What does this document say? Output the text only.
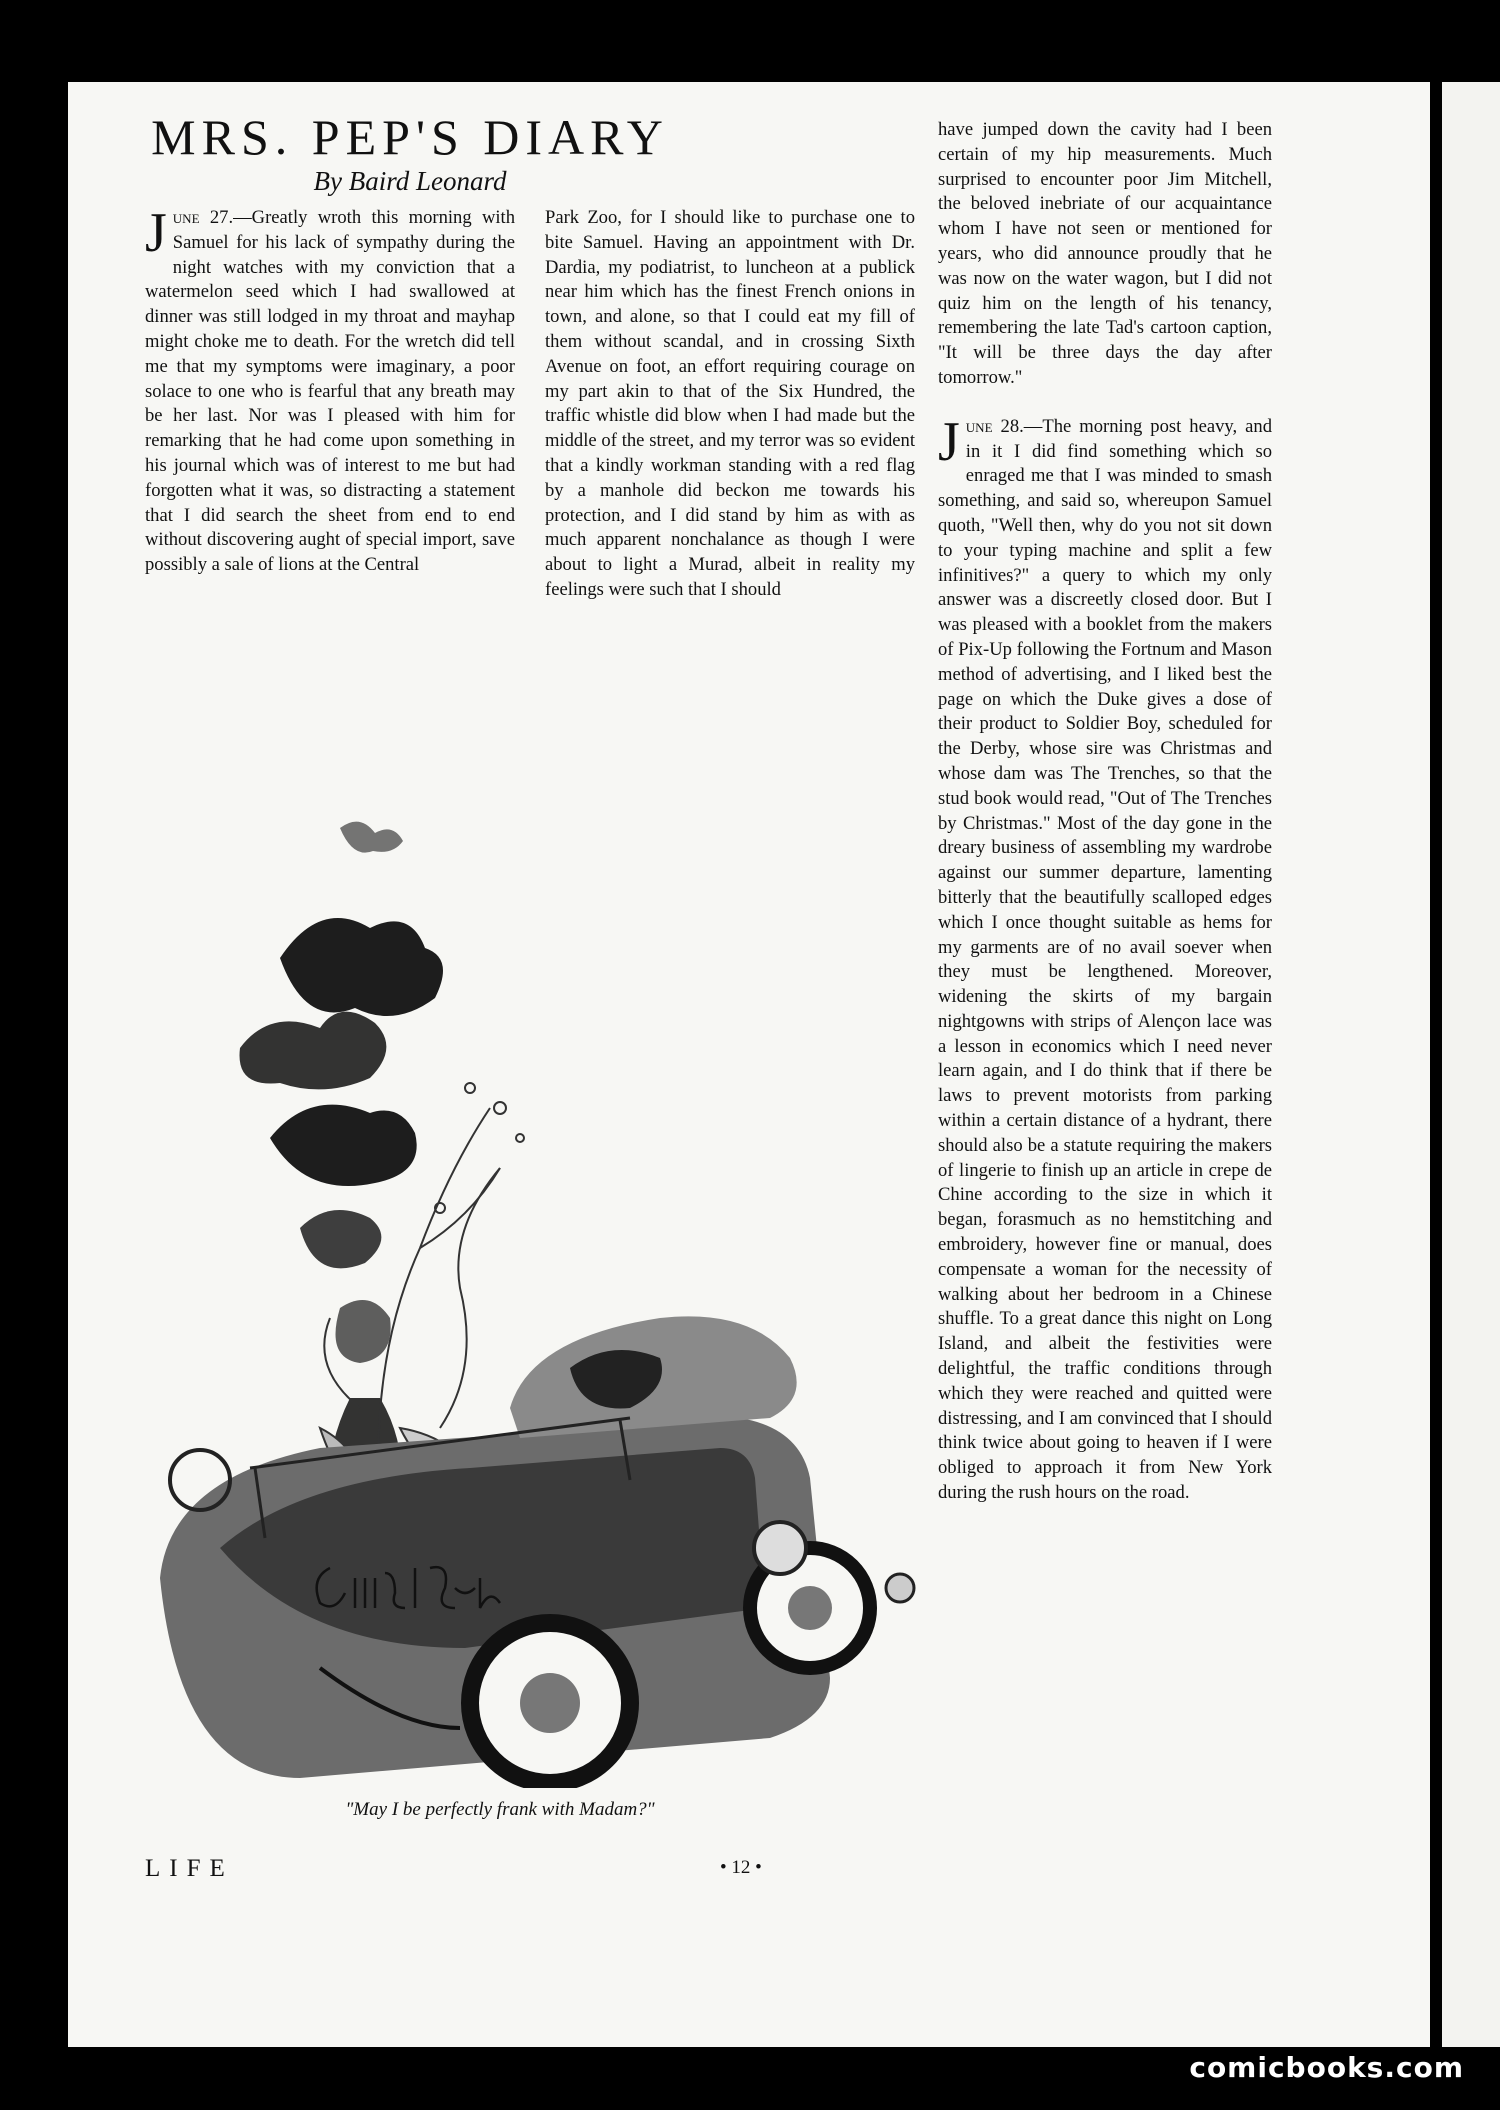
MRS. PEP'S DIARY
By Baird Leonard

June 27.—Greatly wroth this morning with Samuel for his lack of sympathy during the night watches with my conviction that a watermelon seed which I had swallowed at dinner was still lodged in my throat and mayhap might choke me to death. For the wretch did tell me that my symptoms were imaginary, a poor solace to one who is fearful that any breath may be her last. Nor was I pleased with him for remarking that he had come upon something in his journal which was of interest to me but had forgotten what it was, so distracting a statement that I did search the sheet from end to end without discovering aught of special import, save possibly a sale of lions at the Central

Park Zoo, for I should like to purchase one to bite Samuel. Having an appointment with Dr. Dardia, my podiatrist, to luncheon at a publick near him which has the finest French onions in town, and alone, so that I could eat my fill of them without scandal, and in crossing Sixth Avenue on foot, an effort requiring courage on my part akin to that of the Six Hundred, the traffic whistle did blow when I had made but the middle of the street, and my terror was so evident that a kindly workman standing with a red flag by a manhole did beckon me towards his protection, and I did stand by him as with as much apparent nonchalance as though I were about to light a Murad, albeit in reality my feelings were such that I should

have jumped down the cavity had I been certain of my hip measurements. Much surprised to encounter poor Jim Mitchell, the beloved inebriate of our acquaintance whom I have not seen or mentioned for years, who did announce proudly that he was now on the water wagon, but I did not quiz him on the length of his tenancy, remembering the late Tad's cartoon caption, "It will be three days the day after tomorrow."

June 28.—The morning post heavy, and in it I did find something which so enraged me that I was minded to smash something, and said so, whereupon Samuel quoth, "Well then, why do you not sit down to your typing machine and split a few infinitives?" a query to which my only answer was a discreetly closed door. But I was pleased with a booklet from the makers of Pix-Up following the Fortnum and Mason method of advertising, and I liked best the page on which the Duke gives a dose of their product to Soldier Boy, scheduled for the Derby, whose sire was Christmas and whose dam was The Trenches, so that the stud book would read, "Out of The Trenches by Christmas." Most of the day gone in the dreary business of assembling my wardrobe against our summer departure, lamenting bitterly that the beautifully scalloped edges which I once thought suitable as hems for my garments are of no avail soever when they must be lengthened. Moreover, widening the skirts of my bargain nightgowns with strips of Alençon lace was a lesson in economics which I need never learn again, and I do think that if there be laws to prevent motorists from parking within a certain distance of a hydrant, there should also be a statute requiring the makers of lingerie to finish up an article in crepe de Chine according to the size in which it began, forasmuch as no hemstitching and embroidery, however fine or manual, does compensate a woman for the necessity of walking about her bedroom in a Chinese shuffle. To a great dance this night on Long Island, and albeit the festivities were delightful, the traffic conditions through which they were reached and quitted were distressing, and I am convinced that I should think twice about going to heaven if I were obliged to approach it from New York during the rush hours on the road.

"May I be perfectly frank with Madam?"
LIFE	• 12 •
comicbooks.com
